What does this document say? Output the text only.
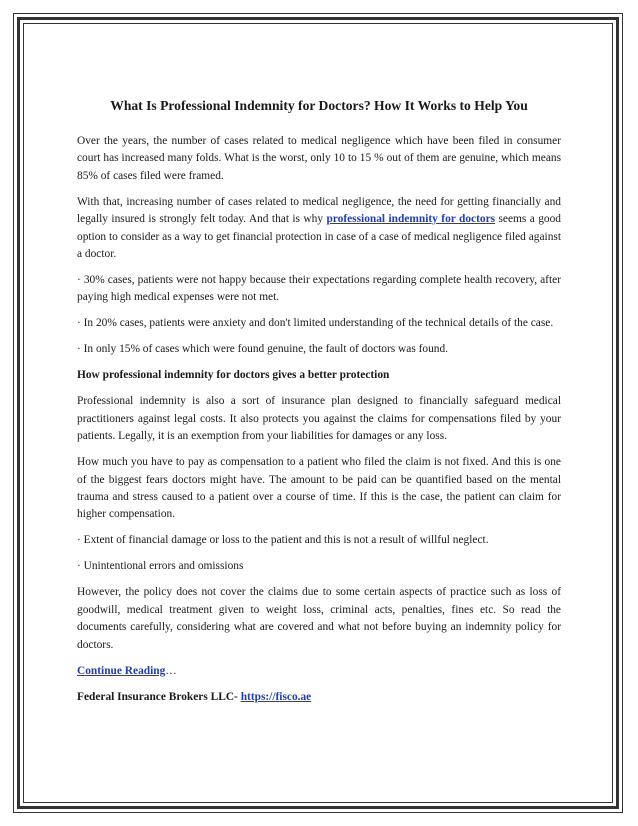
What Is Professional Indemnity for Doctors? How It Works to Help You

Over the years, the number of cases related to medical negligence which have been filed in consumer court has increased many folds. What is the worst, only 10 to 15 % out of them are genuine, which means 85% of cases filed were framed.

With that, increasing number of cases related to medical negligence, the need for getting financially and legally insured is strongly felt today. And that is why professional indemnity for doctors seems a good option to consider as a way to get financial protection in case of a case of medical negligence filed against a doctor.

· 30% cases, patients were not happy because their expectations regarding complete health recovery, after paying high medical expenses were not met.

· In 20% cases, patients were anxiety and don't limited understanding of the technical details of the case.

· In only 15% of cases which were found genuine, the fault of doctors was found.

How professional indemnity for doctors gives a better protection

Professional indemnity is also a sort of insurance plan designed to financially safeguard medical practitioners against legal costs. It also protects you against the claims for compensations filed by your patients. Legally, it is an exemption from your liabilities for damages or any loss.

How much you have to pay as compensation to a patient who filed the claim is not fixed. And this is one of the biggest fears doctors might have. The amount to be paid can be quantified based on the mental trauma and stress caused to a patient over a course of time. If this is the case, the patient can claim for higher compensation.

· Extent of financial damage or loss to the patient and this is not a result of willful neglect.

· Unintentional errors and omissions

However, the policy does not cover the claims due to some certain aspects of practice such as loss of goodwill, medical treatment given to weight loss, criminal acts, penalties, fines etc. So read the documents carefully, considering what are covered and what not before buying an indemnity policy for doctors.

Continue Reading…

Federal Insurance Brokers LLC- https://fisco.ae
